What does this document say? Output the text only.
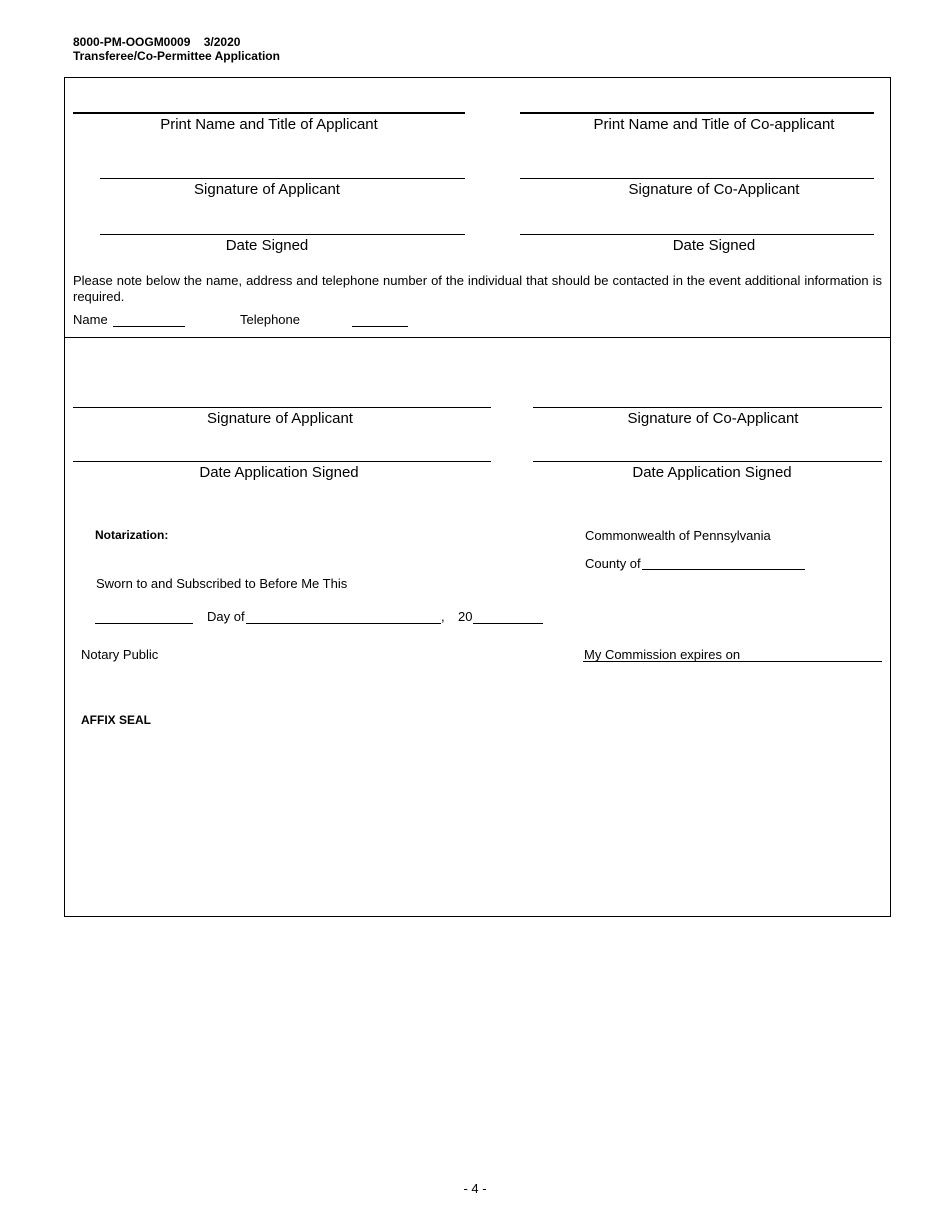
8000-PM-OOGM0009 3/2020
Transferee/Co-Permittee Application
Print Name and Title of Applicant	Print Name and Title of Co-applicant
Signature of Applicant	Signature of Co-Applicant
Date Signed	Date Signed
Please note below the name, address and telephone number of the individual that should be contacted in the event additional information is required.
Name	Telephone
Signature of Applicant	Signature of Co-Applicant
Date Application Signed	Date Application Signed
Notarization:	Commonwealth of Pennsylvania
County of
Sworn to and Subscribed to Before Me This
Day of	, 20
Notary Public	My Commission expires on
AFFIX SEAL
- 4 -
